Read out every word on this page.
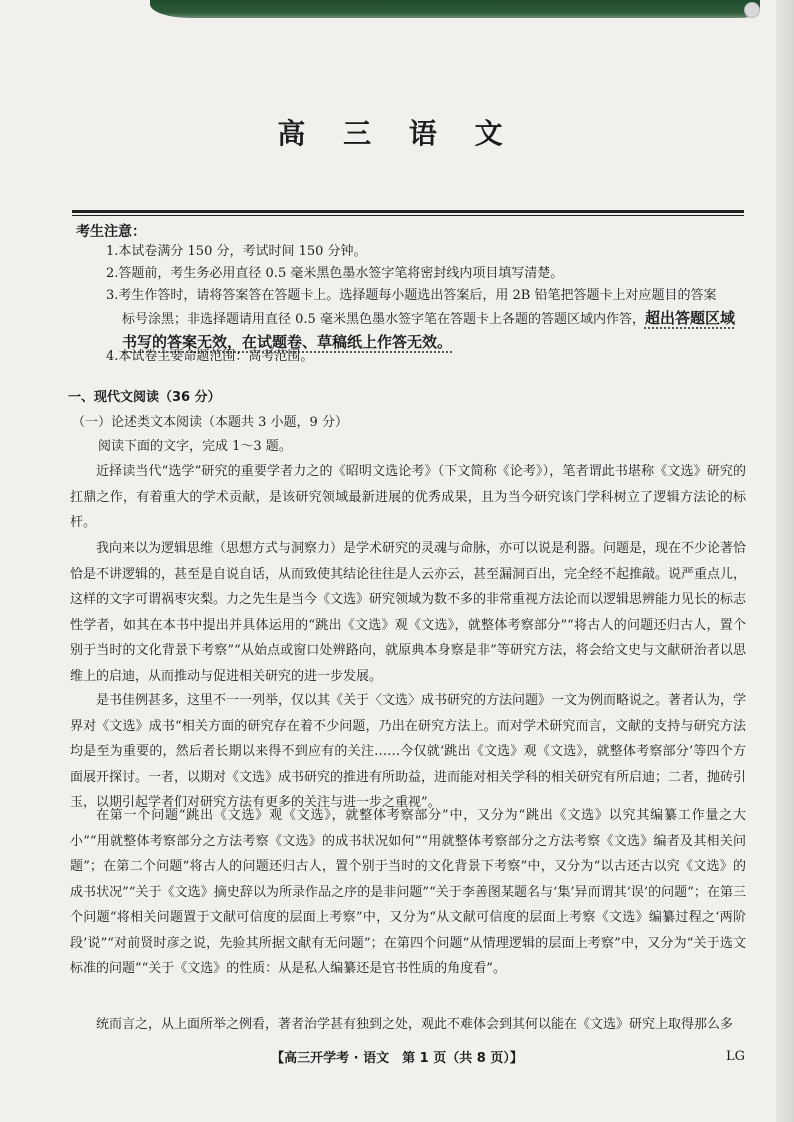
高 三 语 文
考生注意：
1.本试卷满分 150 分，考试时间 150 分钟。
2.答题前，考生务必用直径 0.5 毫米黑色墨水签字笔将密封线内项目填写清楚。
3.考生作答时，请将答案答在答题卡上。选择题每小题选出答案后，用 2B 铅笔把答题卡上对应题目的答案
标号涂黑；非选择题请用直径 0.5 毫米黑色墨水签字笔在答题卡上各题的答题区域内作答，超出答题区域书写的答案无效，在试题卷、草稿纸上作答无效。
4.本试卷主要命题范围：高考范围。
一、现代文阅读（36 分）
（一）论述类文本阅读（本题共 3 小题，9 分）
阅读下面的文字，完成 1～3 题。

近择读当代“选学”研究的重要学者力之的《昭明文选论考》（下文简称《论考》），笔者谓此书堪称《文选》研究的扛鼎之作，有着重大的学术贡献，是该研究领域最新进展的优秀成果，且为当今研究该门学科树立了逻辑方法论的标杆。

我向来以为逻辑思维（思想方式与洞察力）是学术研究的灵魂与命脉，亦可以说是利器。问题是，现在不少论著恰恰是不讲逻辑的，甚至是自说自话，从而致使其结论往往是人云亦云，甚至漏洞百出，完全经不起推敲。说严重点儿，这样的文字可谓祸枣灾梨。力之先生是当今《文选》研究领域为数不多的非常重视方法论而以逻辑思辨能力见长的标志性学者，如其在本书中提出并具体运用的“跳出《文选》观《文选》，就整体考察部分”“将古人的问题还归古人，置个别于当时的文化背景下考察”“从始点或窗口处辨路向，就原典本身察是非”等研究方法，将会给文史与文献研治者以思维上的启迪，从而推动与促进相关研究的进一步发展。

是书佳例甚多，这里不一一列举，仅以其《关于〈文选〉成书研究的方法问题》一文为例而略说之。著者认为，学界对《文选》成书“相关方面的研究存在着不少问题，乃出在研究方法上。而对学术研究而言，文献的支持与研究方法均是至为重要的，然后者长期以来得不到应有的关注……今仅就‘跳出《文选》观《文选》，就整体考察部分’等四个方面展开探讨。一者，以期对《文选》成书研究的推进有所助益，进而能对相关学科的相关研究有所启迪；二者，抛砖引玉，以期引起学者们对研究方法有更多的关注与进一步之重视”。

在第一个问题“跳出《文选》观《文选》，就整体考察部分”中，又分为“跳出《文选》以究其编纂工作量之大小”“用就整体考察部分之方法考察《文选》的成书状况如何”“用就整体考察部分之方法考察《文选》编者及其相关问题”；在第二个问题“将古人的问题还归古人，置个别于当时的文化背景下考察”中，又分为“以古还古以究《文选》的成书状况”“关于《文选》摘史辞以为所录作品之序的是非问题”“关于李善图某题名与‘集’异而谓其‘误’的问题”；在第三个问题“将相关问题置于文献可信度的层面上考察”中，又分为“从文献可信度的层面上考察《文选》编纂过程之‘两阶段’说”“对前贤时彦之说，先验其所据文献有无问题”；在第四个问题“从情理逻辑的层面上考察”中，又分为“关于选文标准的问题”“关于《文选》的性质：从是私人编纂还是官书性质的角度看”。

统而言之，从上面所举之例看，著者治学甚有独到之处，观此不难体会到其何以能在《文选》研究上取得那么多

【高三开学考 · 语文　第 1 页（共 8 页）】	LG
